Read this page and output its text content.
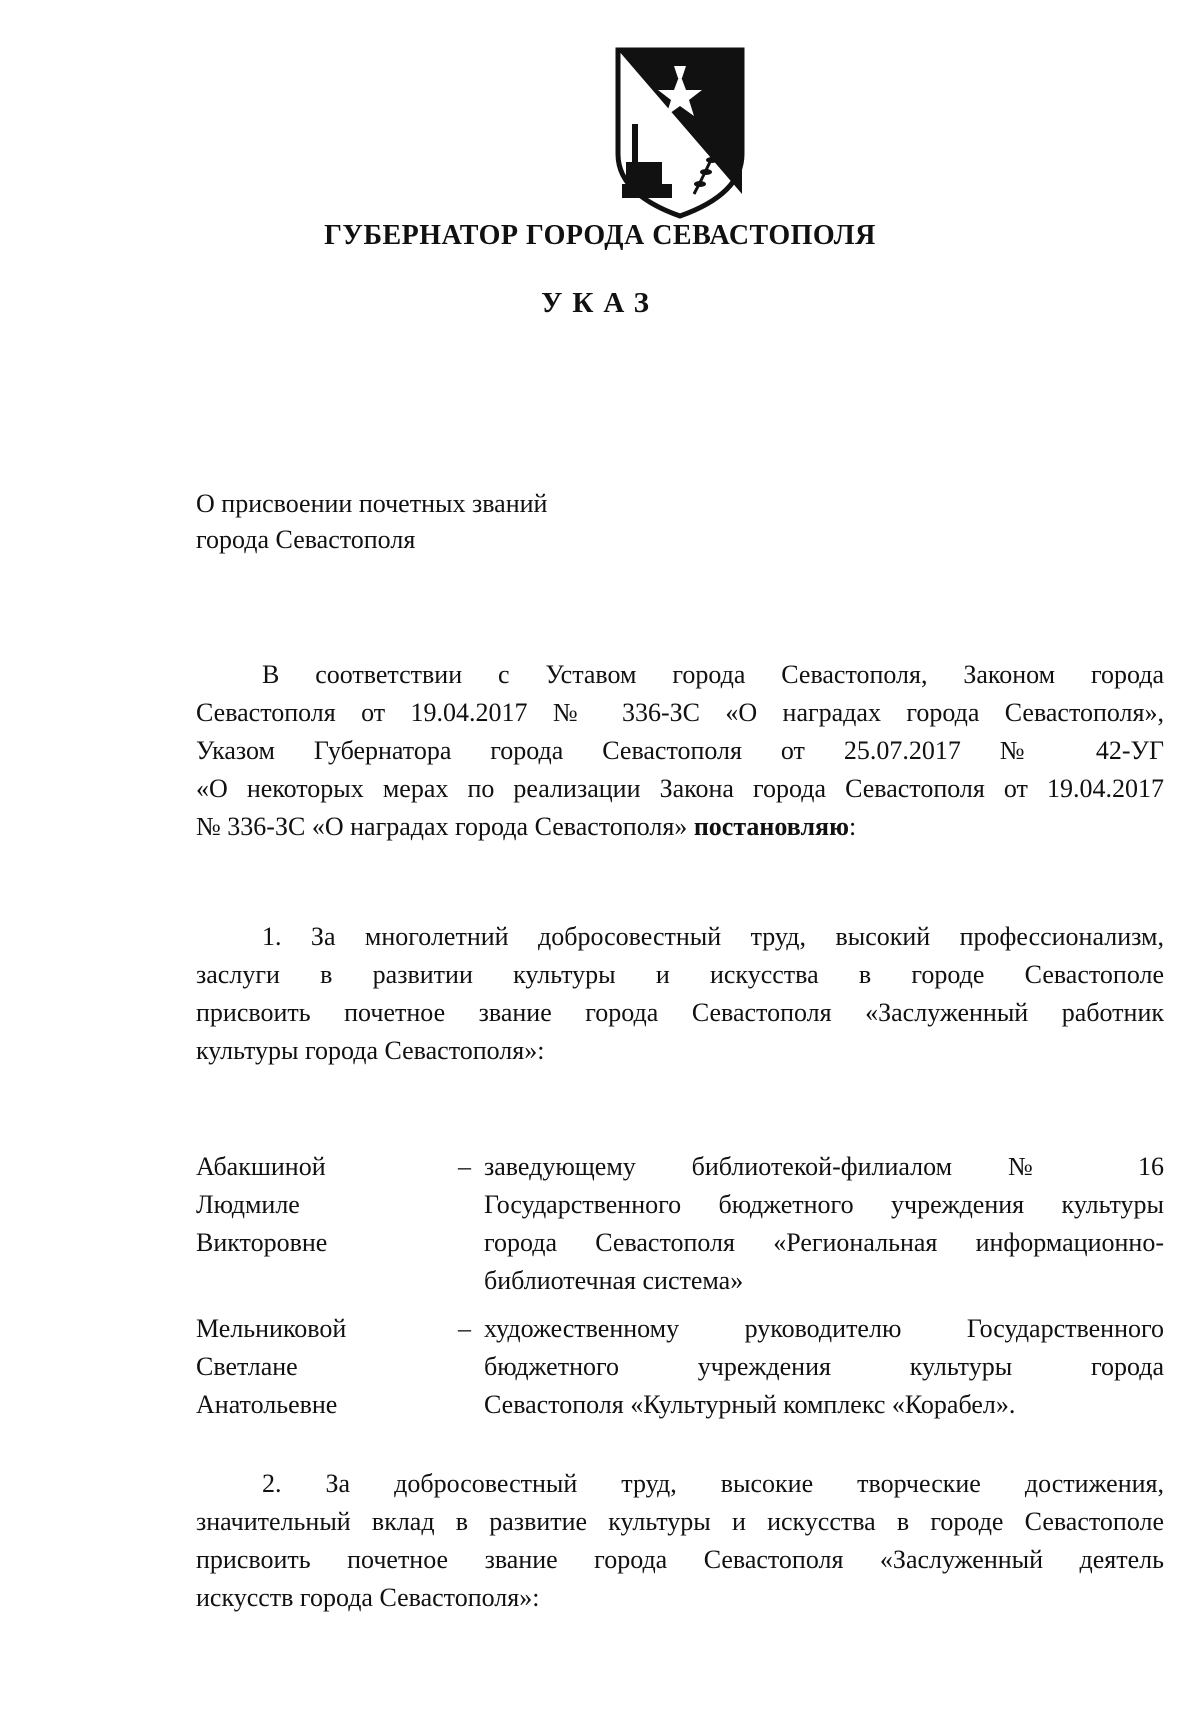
ГУБЕРНАТОР ГОРОДА СЕВАСТОПОЛЯ
УКАЗ
О присвоении почетных званий
города Севастополя
В соответствии с Уставом города Севастополя, Законом города
Севастополя от 19.04.2017 № 336-ЗС «О наградах города Севастополя»,
Указом Губернатора города Севастополя от 25.07.2017 № 42-УГ
«О некоторых мерах по реализации Закона города Севастополя от 19.04.2017
№ 336-ЗС «О наградах города Севастополя» постановляю:
1. За многолетний добросовестный труд, высокий профессионализм,
заслуги в развитии культуры и искусства в городе Севастополе
присвоить почетное звание города Севастополя «Заслуженный работник
культуры города Севастополя»:
Абакшиной
Людмиле
Викторовне
– заведующему библиотекой-филиалом № 16
Государственного бюджетного учреждения культуры
города Севастополя «Региональная информационно-
библиотечная система»
Мельниковой
Светлане
Анатольевне
– художественному руководителю Государственного
бюджетного учреждения культуры города
Севастополя «Культурный комплекс «Корабел».
2. За добросовестный труд, высокие творческие достижения,
значительный вклад в развитие культуры и искусства в городе Севастополе
присвоить почетное звание города Севастополя «Заслуженный деятель
искусств города Севастополя»:
